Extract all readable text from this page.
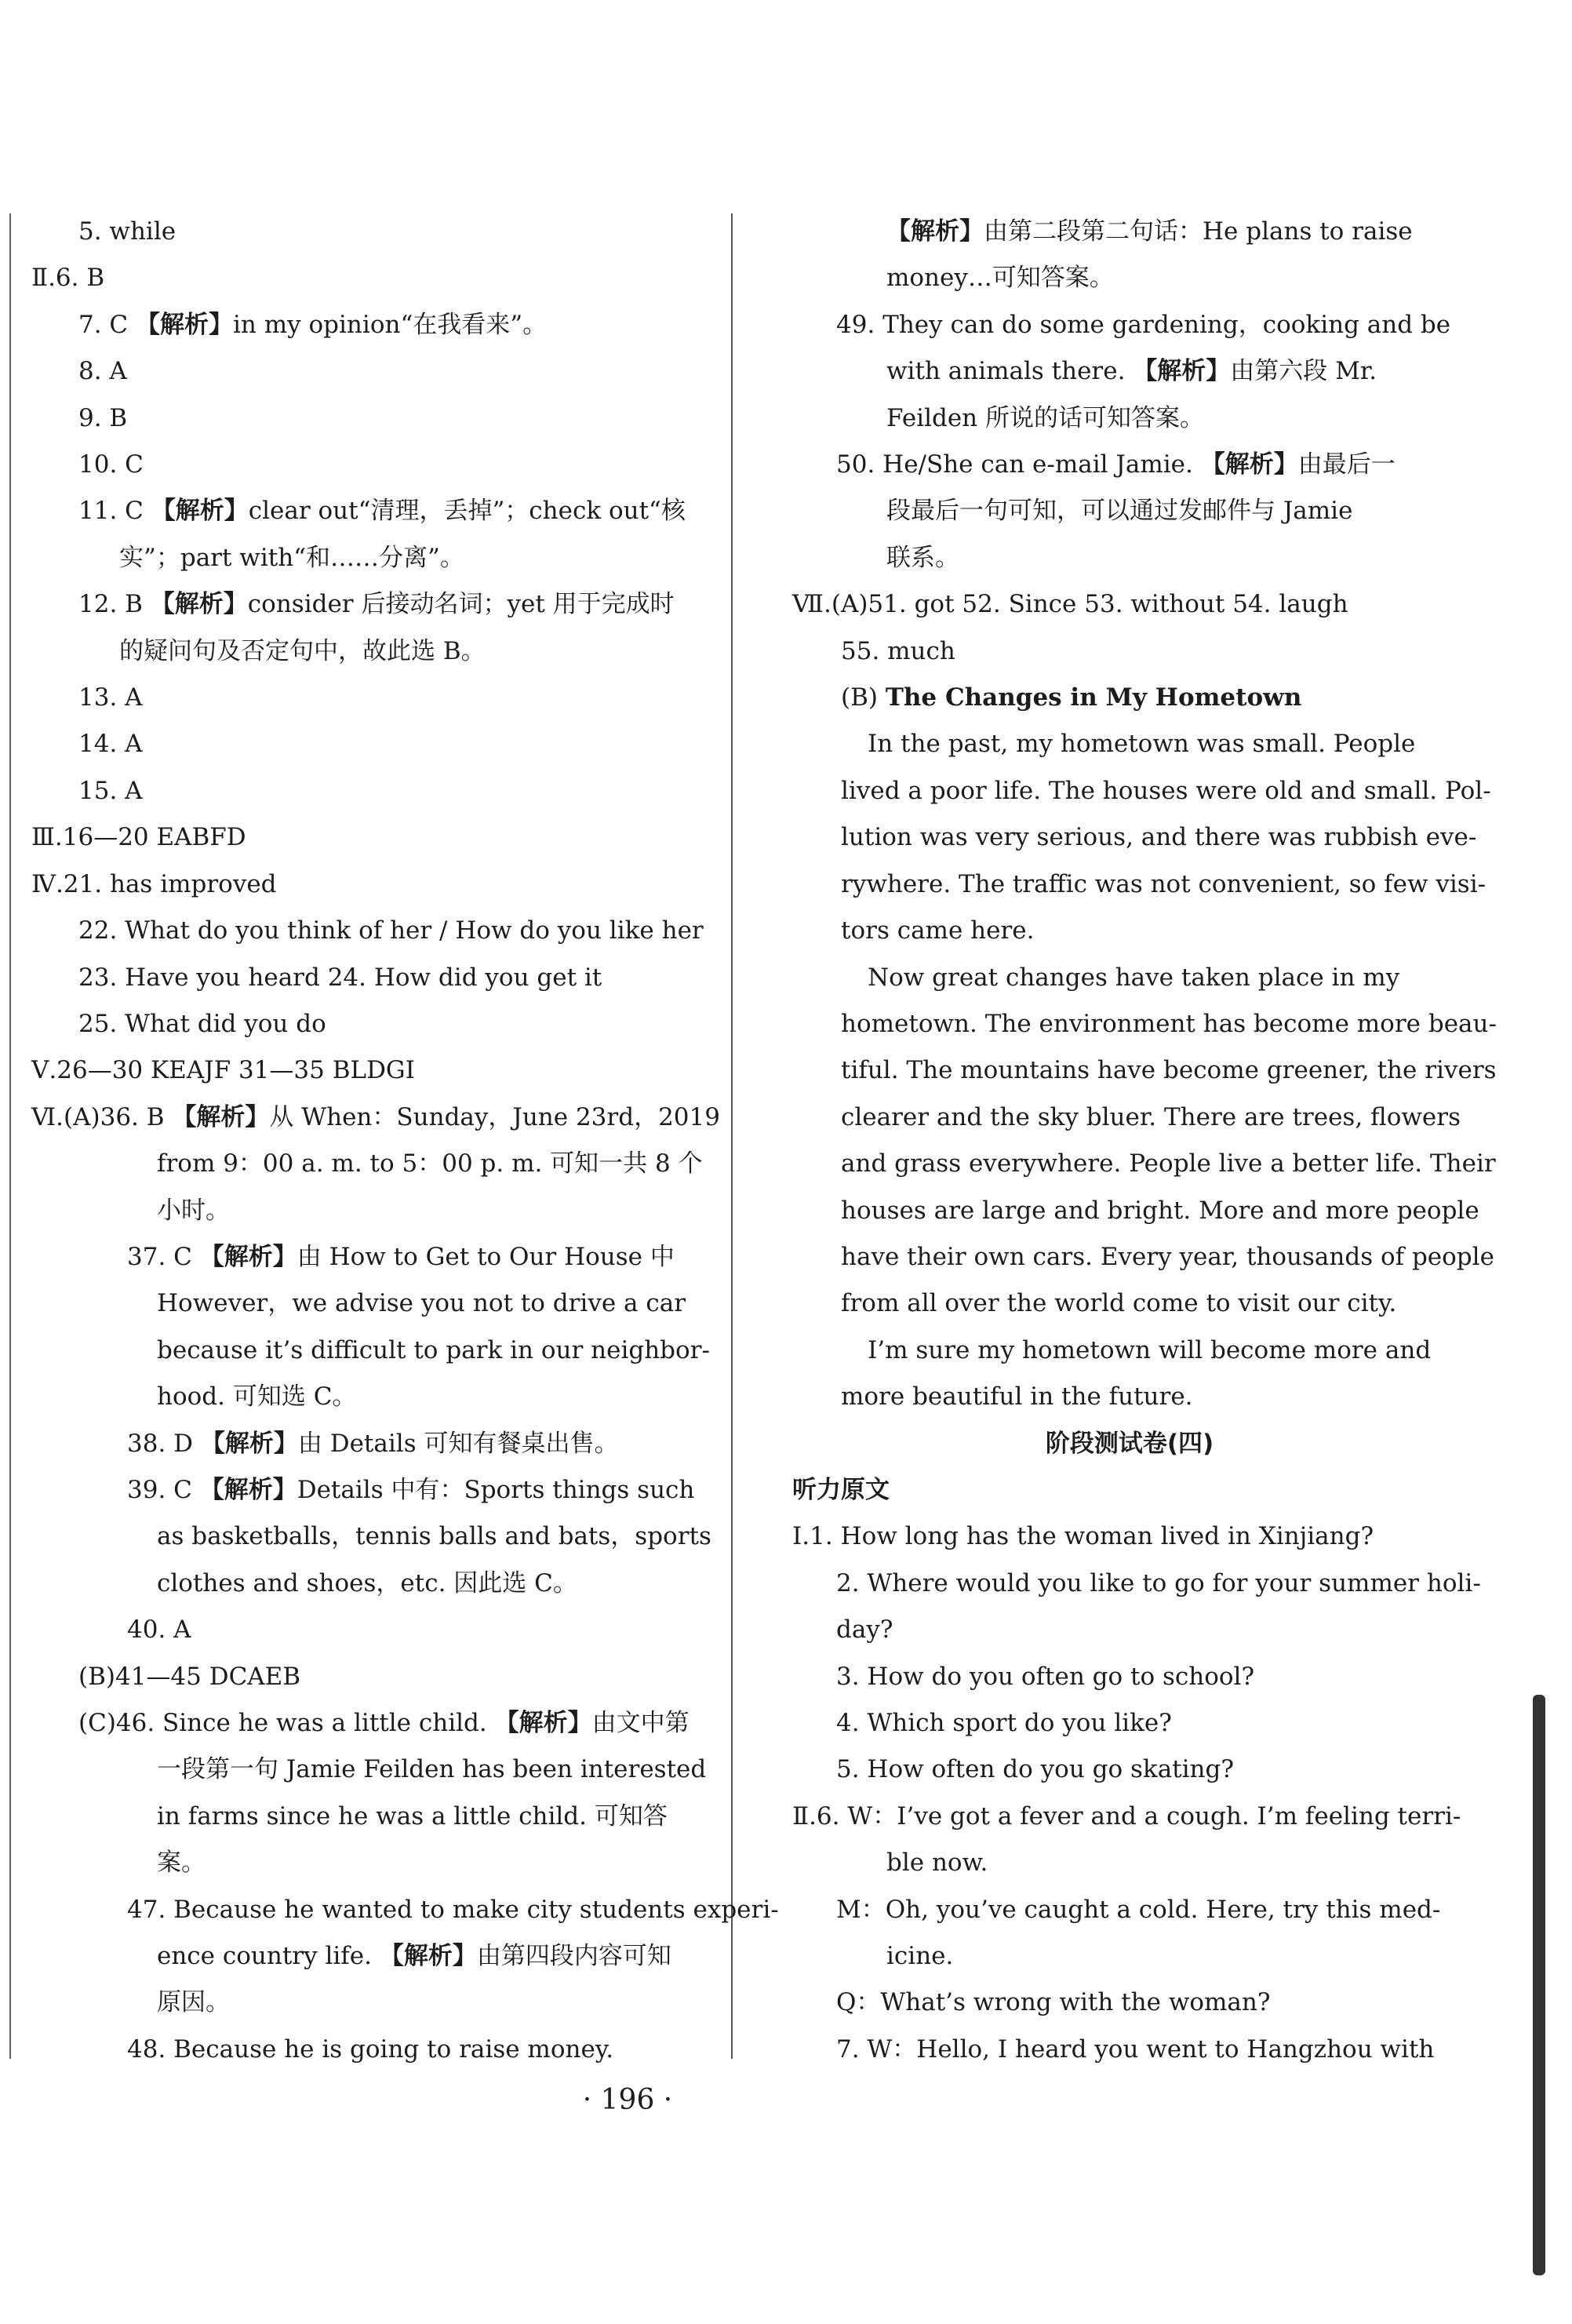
5. while
Ⅱ.6. B
7. C 【解析】in my opinion“在我看来”。
8. A
9. B
10. C
11. C 【解析】clear out“清理，丢掉”；check out“核
实”；part with“和……分离”。
12. B 【解析】consider 后接动名词；yet 用于完成时
的疑问句及否定句中，故此选 B。
13. A
14. A
15. A
Ⅲ.16—20 EABFD
Ⅳ.21. has improved
22. What do you think of her / How do you like her
23. Have you heard 24. How did you get it
25. What did you do
Ⅴ.26—30 KEAJF 31—35 BLDGI
Ⅵ.(A)36. B 【解析】从 When：Sunday，June 23rd，2019
from 9：00 a. m. to 5：00 p. m. 可知一共 8 个
小时。
37. C 【解析】由 How to Get to Our House 中
However，we advise you not to drive a car
because it’s difficult to park in our neighbor-
hood. 可知选 C。
38. D 【解析】由 Details 可知有餐桌出售。
39. C 【解析】Details 中有：Sports things such
as basketballs，tennis balls and bats，sports
clothes and shoes，etc. 因此选 C。
40. A
(B)41—45 DCAEB
(C)46. Since he was a little child. 【解析】由文中第
一段第一句 Jamie Feilden has been interested
in farms since he was a little child. 可知答
案。
47. Because he wanted to make city students experi-
ence country life. 【解析】由第四段内容可知
原因。
48. Because he is going to raise money.
【解析】由第二段第二句话：He plans to raise
money…可知答案。
49. They can do some gardening，cooking and be
with animals there. 【解析】由第六段 Mr.
Feilden 所说的话可知答案。
50. He/She can e-mail Jamie. 【解析】由最后一
段最后一句可知，可以通过发邮件与 Jamie
联系。
Ⅶ.(A)51. got 52. Since 53. without 54. laugh
55. much
(B) The Changes in My Hometown
In the past, my hometown was small. People
lived a poor life. The houses were old and small. Pol-
lution was very serious, and there was rubbish eve-
rywhere. The traffic was not convenient, so few visi-
tors came here.
Now great changes have taken place in my
hometown. The environment has become more beau-
tiful. The mountains have become greener, the rivers
clearer and the sky bluer. There are trees, flowers
and grass everywhere. People live a better life. Their
houses are large and bright. More and more people
have their own cars. Every year, thousands of people
from all over the world come to visit our city.
I’m sure my hometown will become more and
more beautiful in the future.
阶段测试卷(四)
听力原文
Ⅰ.1. How long has the woman lived in Xinjiang?
2. Where would you like to go for your summer holi-
day?
3. How do you often go to school?
4. Which sport do you like?
5. How often do you go skating?
Ⅱ.6. W：I’ve got a fever and a cough. I’m feeling terri-
ble now.
M：Oh, you’ve caught a cold. Here, try this med-
icine.
Q：What’s wrong with the woman?
7. W：Hello, I heard you went to Hangzhou with
· 196 ·
